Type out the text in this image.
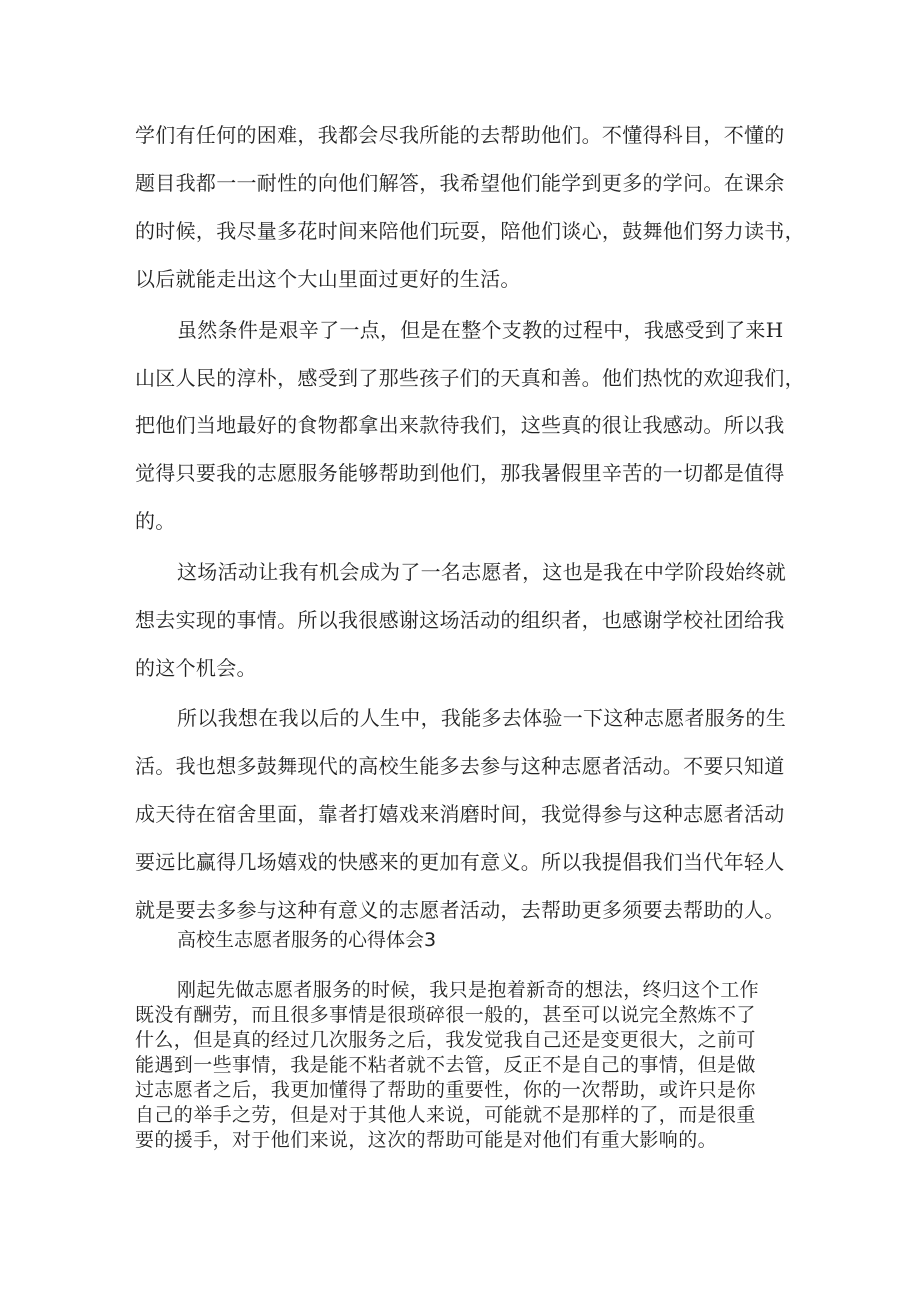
学们有任何的困难，我都会尽我所能的去帮助他们。不懂得科目，不懂的
题目我都一一耐性的向他们解答，我希望他们能学到更多的学问。在课余
的时候，我尽量多花时间来陪他们玩耍，陪他们谈心，鼓舞他们努力读书，
以后就能走出这个大山里面过更好的生活。
虽然条件是艰辛了一点，但是在整个支教的过程中，我感受到了来H
山区人民的淳朴，感受到了那些孩子们的天真和善。他们热忱的欢迎我们，
把他们当地最好的食物都拿出来款待我们，这些真的很让我感动。所以我
觉得只要我的志愿服务能够帮助到他们，那我暑假里辛苦的一切都是值得
的。
这场活动让我有机会成为了一名志愿者，这也是我在中学阶段始终就
想去实现的事情。所以我很感谢这场活动的组织者，也感谢学校社团给我
的这个机会。
所以我想在我以后的人生中，我能多去体验一下这种志愿者服务的生
活。我也想多鼓舞现代的高校生能多去参与这种志愿者活动。不要只知道
成天待在宿舍里面，靠者打嬉戏来消磨时间，我觉得参与这种志愿者活动
要远比赢得几场嬉戏的快感来的更加有意义。所以我提倡我们当代年轻人
就是要去多参与这种有意义的志愿者活动，去帮助更多须要去帮助的人。
高校生志愿者服务的心得体会3
刚起先做志愿者服务的时候，我只是抱着新奇的想法，终归这个工作
既没有酬劳，而且很多事情是很琐碎很一般的，甚至可以说完全熬炼不了
什么，但是真的经过几次服务之后，我发觉我自己还是变更很大，之前可
能遇到一些事情，我是能不粘者就不去管，反正不是自己的事情，但是做
过志愿者之后，我更加懂得了帮助的重要性，你的一次帮助，或许只是你
自己的举手之劳，但是对于其他人来说，可能就不是那样的了，而是很重
要的援手，对于他们来说，这次的帮助可能是对他们有重大影响的。
